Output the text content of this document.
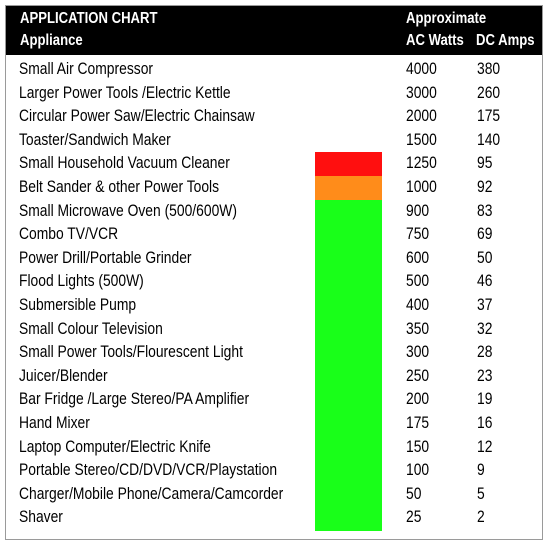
APPLICATION CHART
Appliance
Approximate
AC Watts DC Amps
Small Air Compressor	4000 380
Larger Power Tools /Electric Kettle	3000 260
Circular Power Saw/Electric Chainsaw	2000 175
Toaster/Sandwich Maker	1500 140
Small Household Vacuum Cleaner	1250 95
Belt Sander & other Power Tools	1000 92
Small Microwave Oven (500/600W)	900	83
Combo TV/VCR	750	69
Power Drill/Portable Grinder	600	50
Flood Lights (500W)	500	46
Submersible Pump	400	37
Small Colour Television	350	32
Small Power Tools/Flourescent Light	300	28
Juicer/Blender	250	23
Bar Fridge /Large Stereo/PA Amplifier	200	19
Hand Mixer	175	16
Laptop Computer/Electric Knife	150	12
Portable Stereo/CD/DVD/VCR/Playstation	100	9
Charger/Mobile Phone/Camera/Camcorder	50	5
Shaver	25	2
